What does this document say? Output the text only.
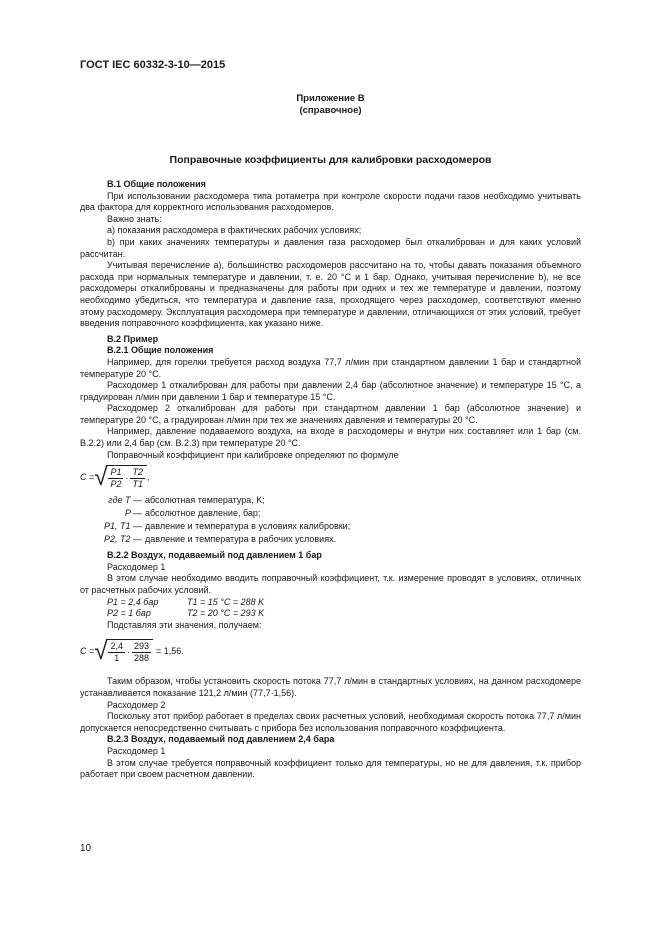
ГОСТ IEC 60332-3-10—2015
Приложение B
(справочное)
Поправочные коэффициенты для калибровки расходомеров

B.1 Общие положения

При использовании расходомера типа ротаметра при контроле скорости подачи газов необходимо учитывать два фактора для корректного использования расходомеров.

Важно знать:

a) показания расходомера в фактических рабочих условиях;

b) при каких значениях температуры и давления газа расходомер был откалиброван и для каких условий рассчитан.

Учитывая перечисление a), большинство расходомеров рассчитано на то, чтобы давать показания объемного расхода при нормальных температуре и давлении, т. е. 20 °C и 1 бар. Однако, учитывая перечисление b), не все расходомеры откалиброваны и предназначены для работы при одних и тех же температуре и давлении, поэтому необходимо убедиться, что температура и давление газа, проходящего через расходомер, соответствуют именно этому расходомеру. Эксплуатация расходомера при температуре и давлении, отличающихся от этих условий, требует введения поправочного коэффициента, как указано ниже.

B.2 Пример

B.2.1 Общие положения

Например, для горелки требуется расход воздуха 77,7 л/мин при стандартном давлении 1 бар и стандартной температуре 20 °C.

Расходомер 1 откалиброван для работы при давлении 2,4 бар (абсолютное значение) и температуре 15 °C, а градуирован л/мин при давлении 1 бар и температуре 15 °C.

Расходомер 2 откалиброван для работы при стандартном давлении 1 бар (абсолютное значение) и температуре 20 °C, а градуирован л/мин при тех же значениях давления и температуры 20 °C.

Например, давление подаваемого воздуха, на входе в расходомеры и внутри них составляет или 1 бар (см. B.2.2) или 2,4 бар (см. B.2.3) при температуре 20 °C.

Поправочный коэффициент при калибровке определяют по формуле

C = √ $\frac{P1}{P2} \cdot \frac{T2}{T1}$ ,

где T — абсолютная температура, K;

P — абсолютное давление, бар;

P1, T1 — давление и температура в условиях калибровки;

P2, T2 — давление и температура в рабочих условиях.

B.2.2 Воздух, подаваемый под давлением 1 бар

Расходомер 1

В этом случае необходимо вводить поправочный коэффициент, т.к. измерение проводят в условиях, отличных от расчетных рабочих условий.

P1 = 2,4 бар	T1 = 15 °C = 288 K

P2 = 1 бар	T2 = 20 °C = 293 K

Подставляя эти значения, получаем:

C = √ $\frac{2,4}{1} \cdot \frac{293}{288} = 1,56$.

Таким образом, чтобы установить скорость потока 77,7 л/мин в стандартных условиях, на данном расходомере устанавливается показание 121,2 л/мин (77,7·1,56).

Расходомер 2

Поскольку этот прибор работает в пределах своих расчетных условий, необходимая скорость потока 77,7 л/мин допускается непосредственно считывать с прибора без использования поправочного коэффициента.

B.2.3 Воздух, подаваемый под давлением 2,4 бара

Расходомер 1

В этом случае требуется поправочный коэффициент только для температуры, но не для давления, т.к. прибор работает при своем расчетном давлении.

10
